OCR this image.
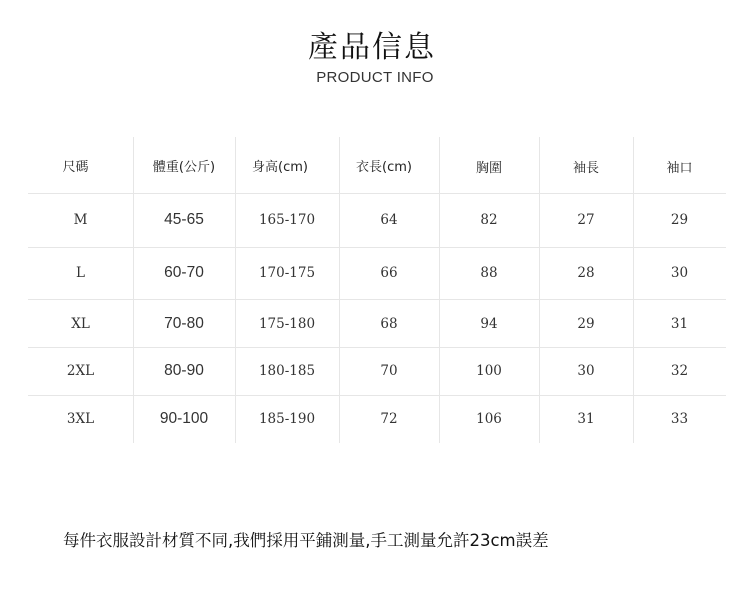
產品信息
PRODUCT INFO
尺碼	體重(公斤)	身高(cm)	衣長(cm)	胸圍	袖長	袖口
M	45-65	165-170	64	82	27	29
L	60-70	170-175	66	88	28	30
XL	70-80	175-180	68	94	29	31
2XL	80-90	180-185	70	100	30	32
3XL	90-100	185-190	72	106	31	33
每件衣服設計材質不同,我們採用平鋪測量,手工測量允許23cm誤差
